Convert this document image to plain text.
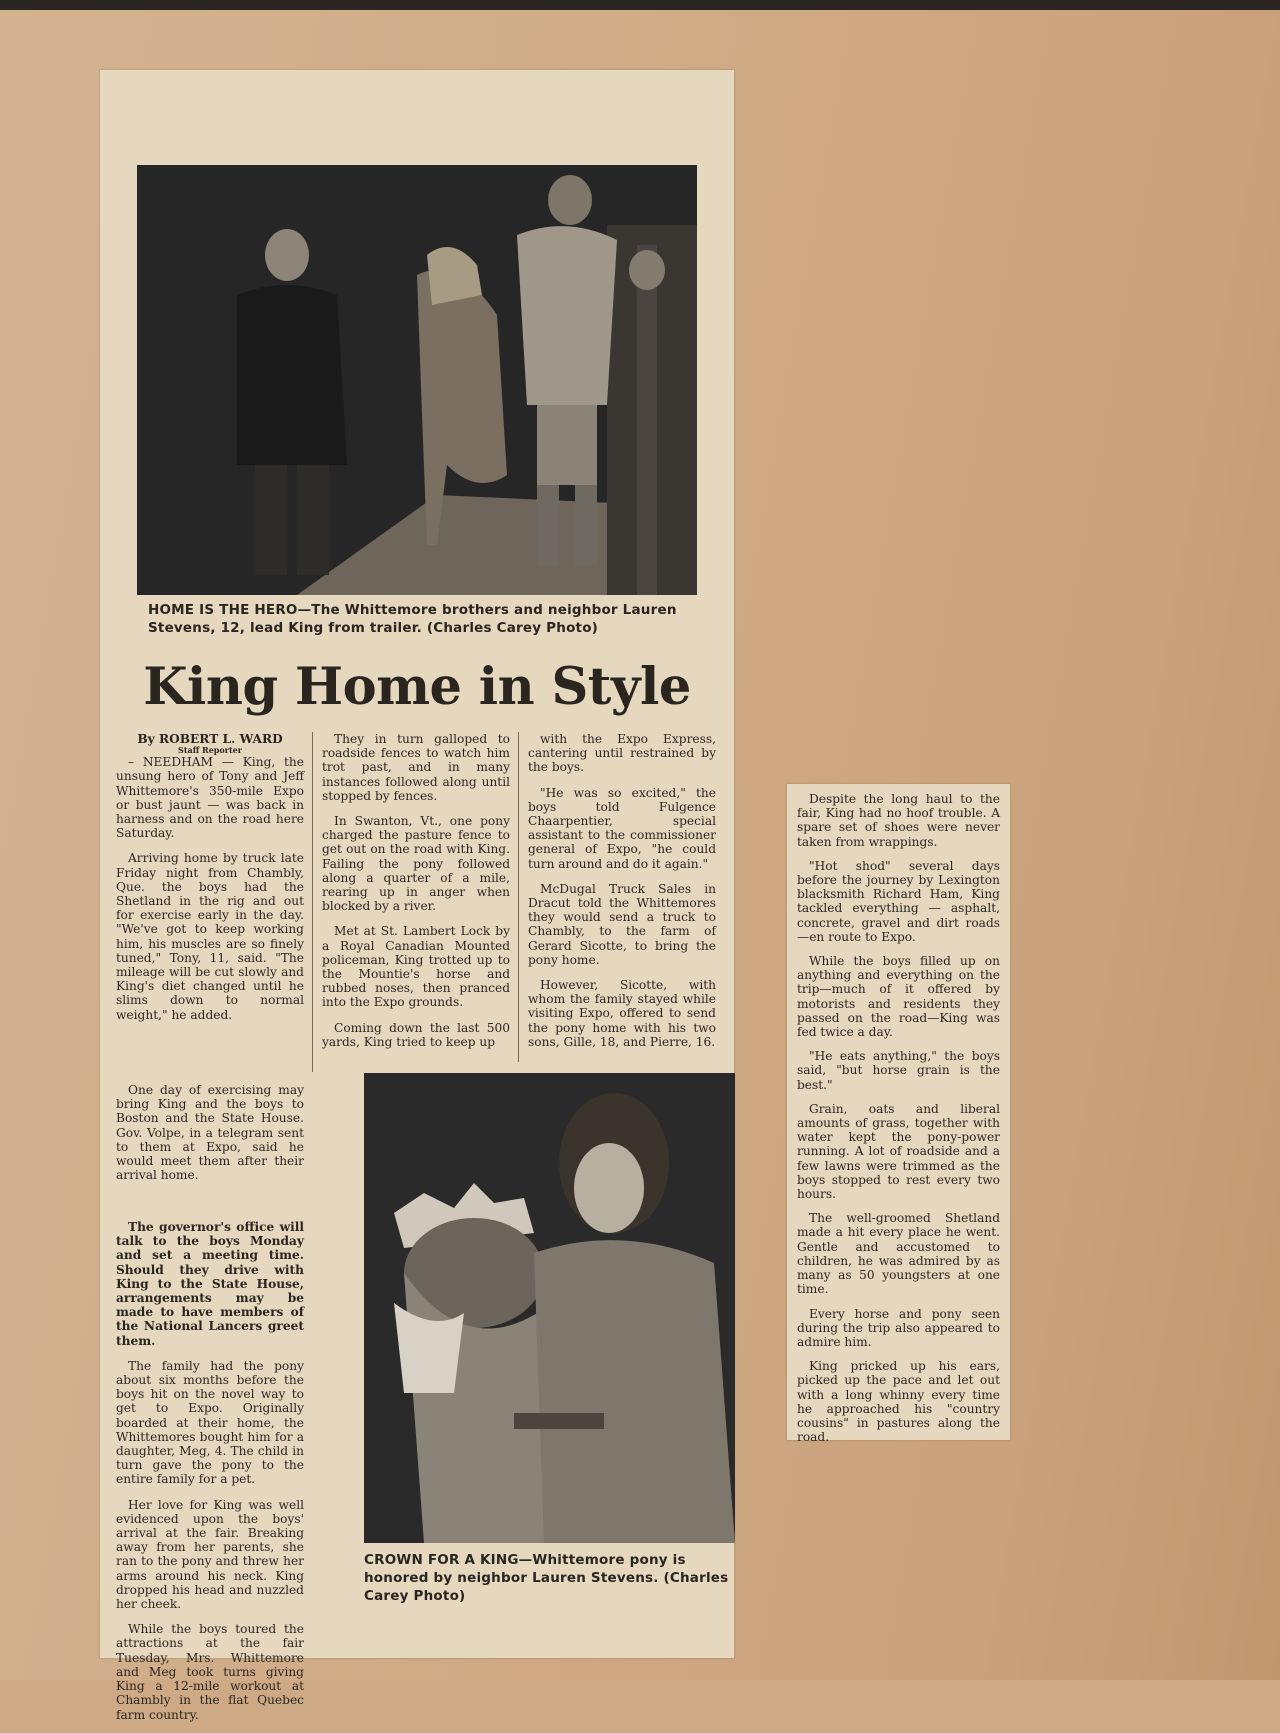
HOME IS THE HERO—The Whittemore brothers and neighbor Lauren Stevens, 12, lead King from trailer. (Charles Carey Photo)
King Home in Style

By ROBERT L. WARD

Staff Reporter

– NEEDHAM — King, the unsung hero of Tony and Jeff Whittemore's 350-mile Expo or bust jaunt — was back in harness and on the road here Saturday.

Arriving home by truck late Friday night from Chambly, Que. the boys had the Shetland in the rig and out for exercise early in the day. "We've got to keep working him, his muscles are so finely tuned," Tony, 11, said. "The mileage will be cut slowly and King's diet changed until he slims down to normal weight," he added.

One day of exercising may bring King and the boys to Boston and the State House. Gov. Volpe, in a telegram sent to them at Expo, said he would meet them after their arrival home.

The governor's office will talk to the boys Monday and set a meeting time. Should they drive with King to the State House, arrangements may be made to have members of the National Lancers greet them.

The family had the pony about six months before the boys hit on the novel way to get to Expo. Originally boarded at their home, the Whittemores bought him for a daughter, Meg, 4. The child in turn gave the pony to the entire family for a pet.

Her love for King was well evidenced upon the boys' arrival at the fair. Breaking away from her parents, she ran to the pony and threw her arms around his neck. King dropped his head and nuzzled her cheek.

While the boys toured the attractions at the fair Tuesday, Mrs. Whittemore and Meg took turns giving King a 12-mile workout at Chambly in the flat Quebec farm country.

They in turn galloped to roadside fences to watch him trot past, and in many instances followed along until stopped by fences.

In Swanton, Vt., one pony charged the pasture fence to get out on the road with King. Failing the pony followed along a quarter of a mile, rearing up in anger when blocked by a river.

Met at St. Lambert Lock by a Royal Canadian Mounted policeman, King trotted up to the Mountie's horse and rubbed noses, then pranced into the Expo grounds.

Coming down the last 500 yards, King tried to keep up

with the Expo Express, cantering until restrained by the boys.

"He was so excited," the boys told Fulgence Chaarpentier, special assistant to the commissioner general of Expo, "he could turn around and do it again."

McDugal Truck Sales in Dracut told the Whittemores they would send a truck to Chambly, to the farm of Gerard Sicotte, to bring the pony home.

However, Sicotte, with whom the family stayed while visiting Expo, offered to send the pony home with his two sons, Gille, 18, and Pierre, 16.

CROWN FOR A KING—Whittemore pony is honored by neighbor Lauren Stevens. (Charles Carey Photo)

Despite the long haul to the fair, King had no hoof trouble. A spare set of shoes were never taken from wrappings.

"Hot shod" several days before the journey by Lexington blacksmith Richard Ham, King tackled everything — asphalt, concrete, gravel and dirt roads—en route to Expo.

While the boys filled up on anything and everything on the trip—much of it offered by motorists and residents they passed on the road—King was fed twice a day.

"He eats anything," the boys said, "but horse grain is the best."

Grain, oats and liberal amounts of grass, together with water kept the pony-power running. A lot of roadside and a few lawns were trimmed as the boys stopped to rest every two hours.

The well-groomed Shetland made a hit every place he went. Gentle and accustomed to children, he was admired by as many as 50 youngsters at one time.

Every horse and pony seen during the trip also appeared to admire him.

King pricked up his ears, picked up the pace and let out with a long whinny every time he approached his "country cousins" in pastures along the road.
